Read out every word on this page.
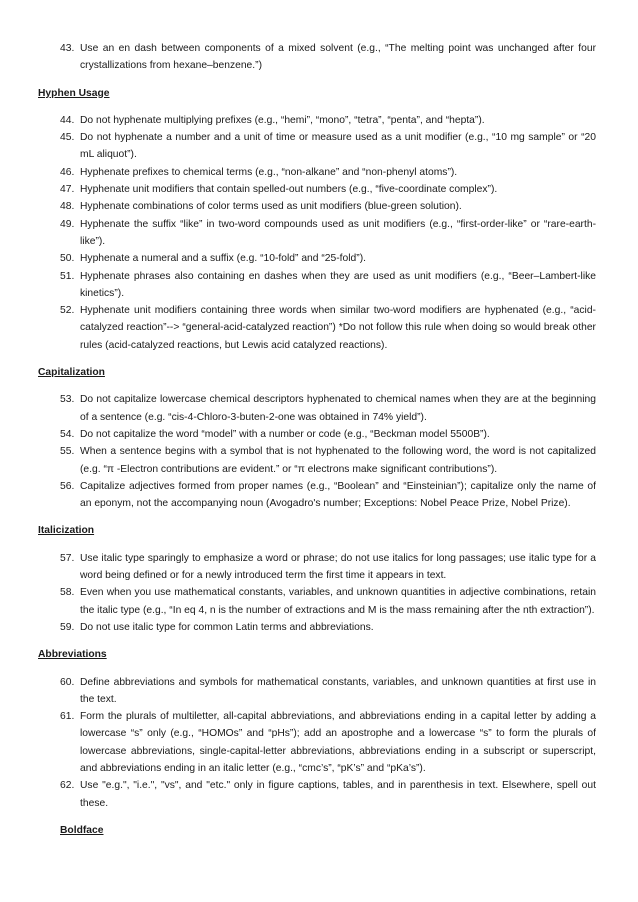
43. Use an en dash between components of a mixed solvent (e.g., “The melting point was unchanged after four crystallizations from hexane–benzene.”)
Hyphen Usage
44. Do not hyphenate multiplying prefixes (e.g., “hemi”, “mono”, “tetra”, “penta”, and “hepta”).
45. Do not hyphenate a number and a unit of time or measure used as a unit modifier (e.g., “10 mg sample” or “20 mL aliquot”).
46. Hyphenate prefixes to chemical terms (e.g., “non-alkane” and “non-phenyl atoms”).
47. Hyphenate unit modifiers that contain spelled-out numbers (e.g., “five-coordinate complex”).
48. Hyphenate combinations of color terms used as unit modifiers (blue-green solution).
49. Hyphenate the suffix “like” in two-word compounds used as unit modifiers (e.g., “first-order-like” or “rare-earth-like”).
50. Hyphenate a numeral and a suffix (e.g. “10-fold” and “25-fold”).
51. Hyphenate phrases also containing en dashes when they are used as unit modifiers (e.g., “Beer–Lambert-like kinetics”).
52. Hyphenate unit modifiers containing three words when similar two-word modifiers are hyphenated (e.g., “acid-catalyzed reaction”--> “general-acid-catalyzed reaction”) *Do not follow this rule when doing so would break other rules (acid-catalyzed reactions, but Lewis acid catalyzed reactions).
Capitalization
53. Do not capitalize lowercase chemical descriptors hyphenated to chemical names when they are at the beginning of a sentence (e.g. “cis-4-Chloro-3-buten-2-one was obtained in 74% yield”).
54. Do not capitalize the word “model” with a number or code (e.g., “Beckman model 5500B”).
55. When a sentence begins with a symbol that is not hyphenated to the following word, the word is not capitalized (e.g. “π -Electron contributions are evident.” or “π electrons make significant contributions”).
56. Capitalize adjectives formed from proper names (e.g., “Boolean” and “Einsteinian”); capitalize only the name of an eponym, not the accompanying noun (Avogadro's number; Exceptions: Nobel Peace Prize, Nobel Prize).
Italicization
57. Use italic type sparingly to emphasize a word or phrase; do not use italics for long passages; use italic type for a word being defined or for a newly introduced term the first time it appears in text.
58. Even when you use mathematical constants, variables, and unknown quantities in adjective combinations, retain the italic type (e.g., “In eq 4, n is the number of extractions and M is the mass remaining after the nth extraction”).
59. Do not use italic type for common Latin terms and abbreviations.
Abbreviations
60. Define abbreviations and symbols for mathematical constants, variables, and unknown quantities at first use in the text.
61. Form the plurals of multiletter, all-capital abbreviations, and abbreviations ending in a capital letter by adding a lowercase “s” only (e.g., “HOMOs” and “pHs”); add an apostrophe and a lowercase “s” to form the plurals of lowercase abbreviations, single-capital-letter abbreviations, abbreviations ending in a subscript or superscript, and abbreviations ending in an italic letter (e.g., “cmc’s”, “pK’s” and “pKa’s”).
62. Use "e.g.", "i.e.", "vs", and "etc." only in figure captions, tables, and in parenthesis in text. Elsewhere, spell out these.
Boldface
